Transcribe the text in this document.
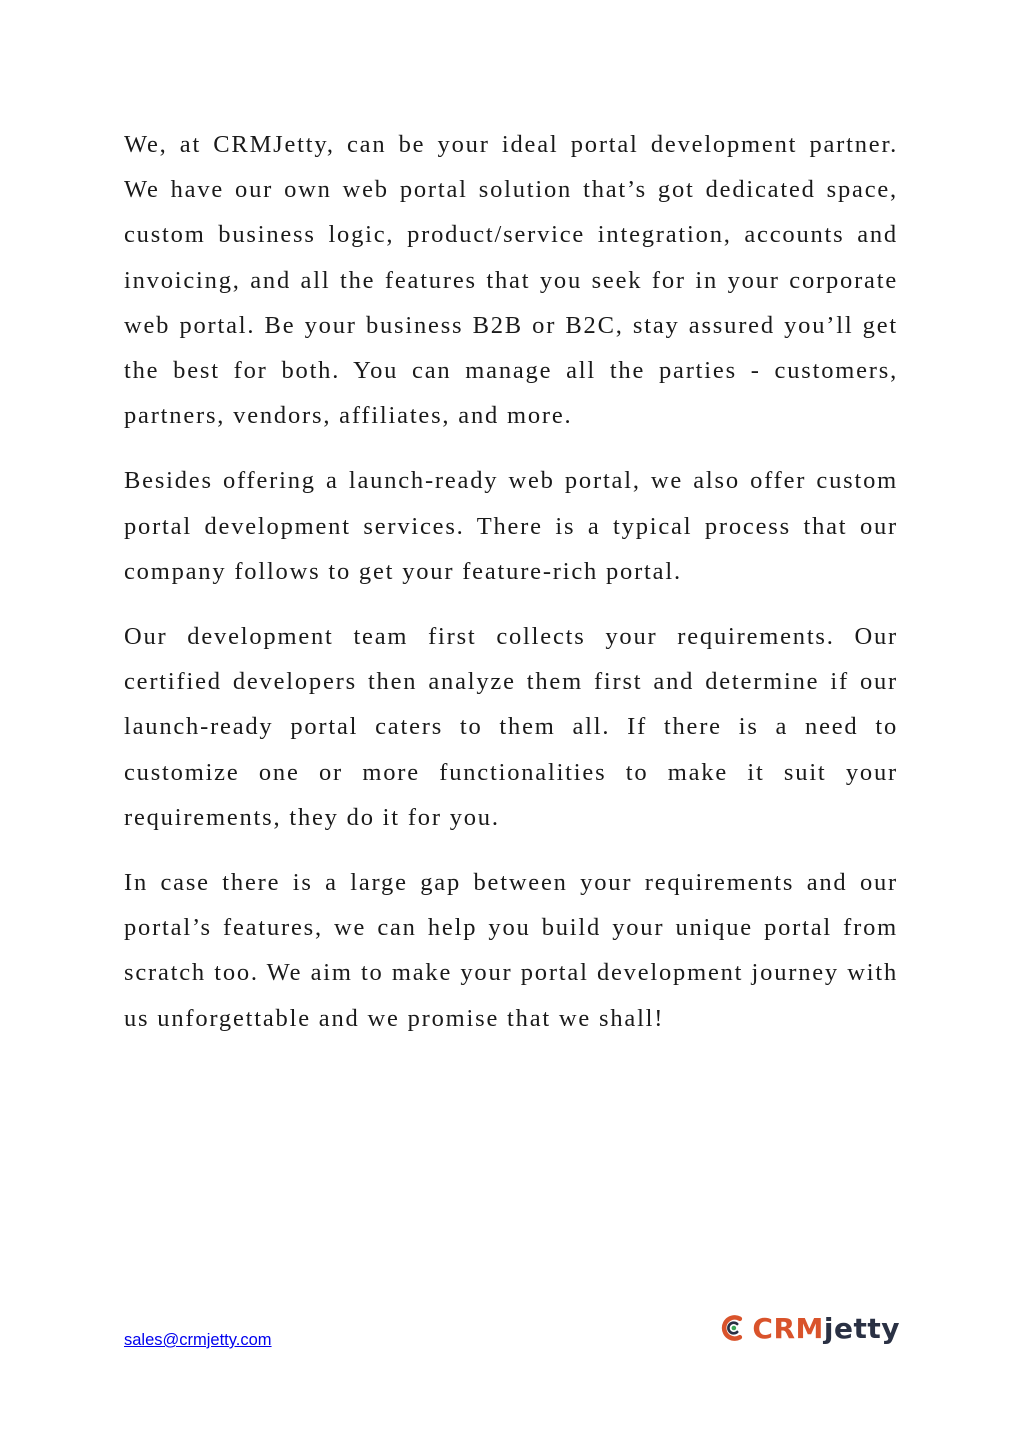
We, at CRMJetty, can be your ideal portal development partner. We have our own web portal solution that’s got dedicated space, custom business logic, product/service integration, accounts and invoicing, and all the features that you seek for in your corporate web portal. Be your business B2B or B2C, stay assured you’ll get the best for both. You can manage all the parties - customers, partners, vendors, affiliates, and more.

Besides offering a launch-ready web portal, we also offer custom portal development services. There is a typical process that our company follows to get your feature-rich portal.

Our development team first collects your requirements. Our certified developers then analyze them first and determine if our launch-ready portal caters to them all. If there is a need to customize one or more functionalities to make it suit your requirements, they do it for you.

In case there is a large gap between your requirements and our portal’s features, we can help you build your unique portal from scratch too. We aim to make your portal development journey with us unforgettable and we promise that we shall!

sales@crmjetty.com	CRMjetty
